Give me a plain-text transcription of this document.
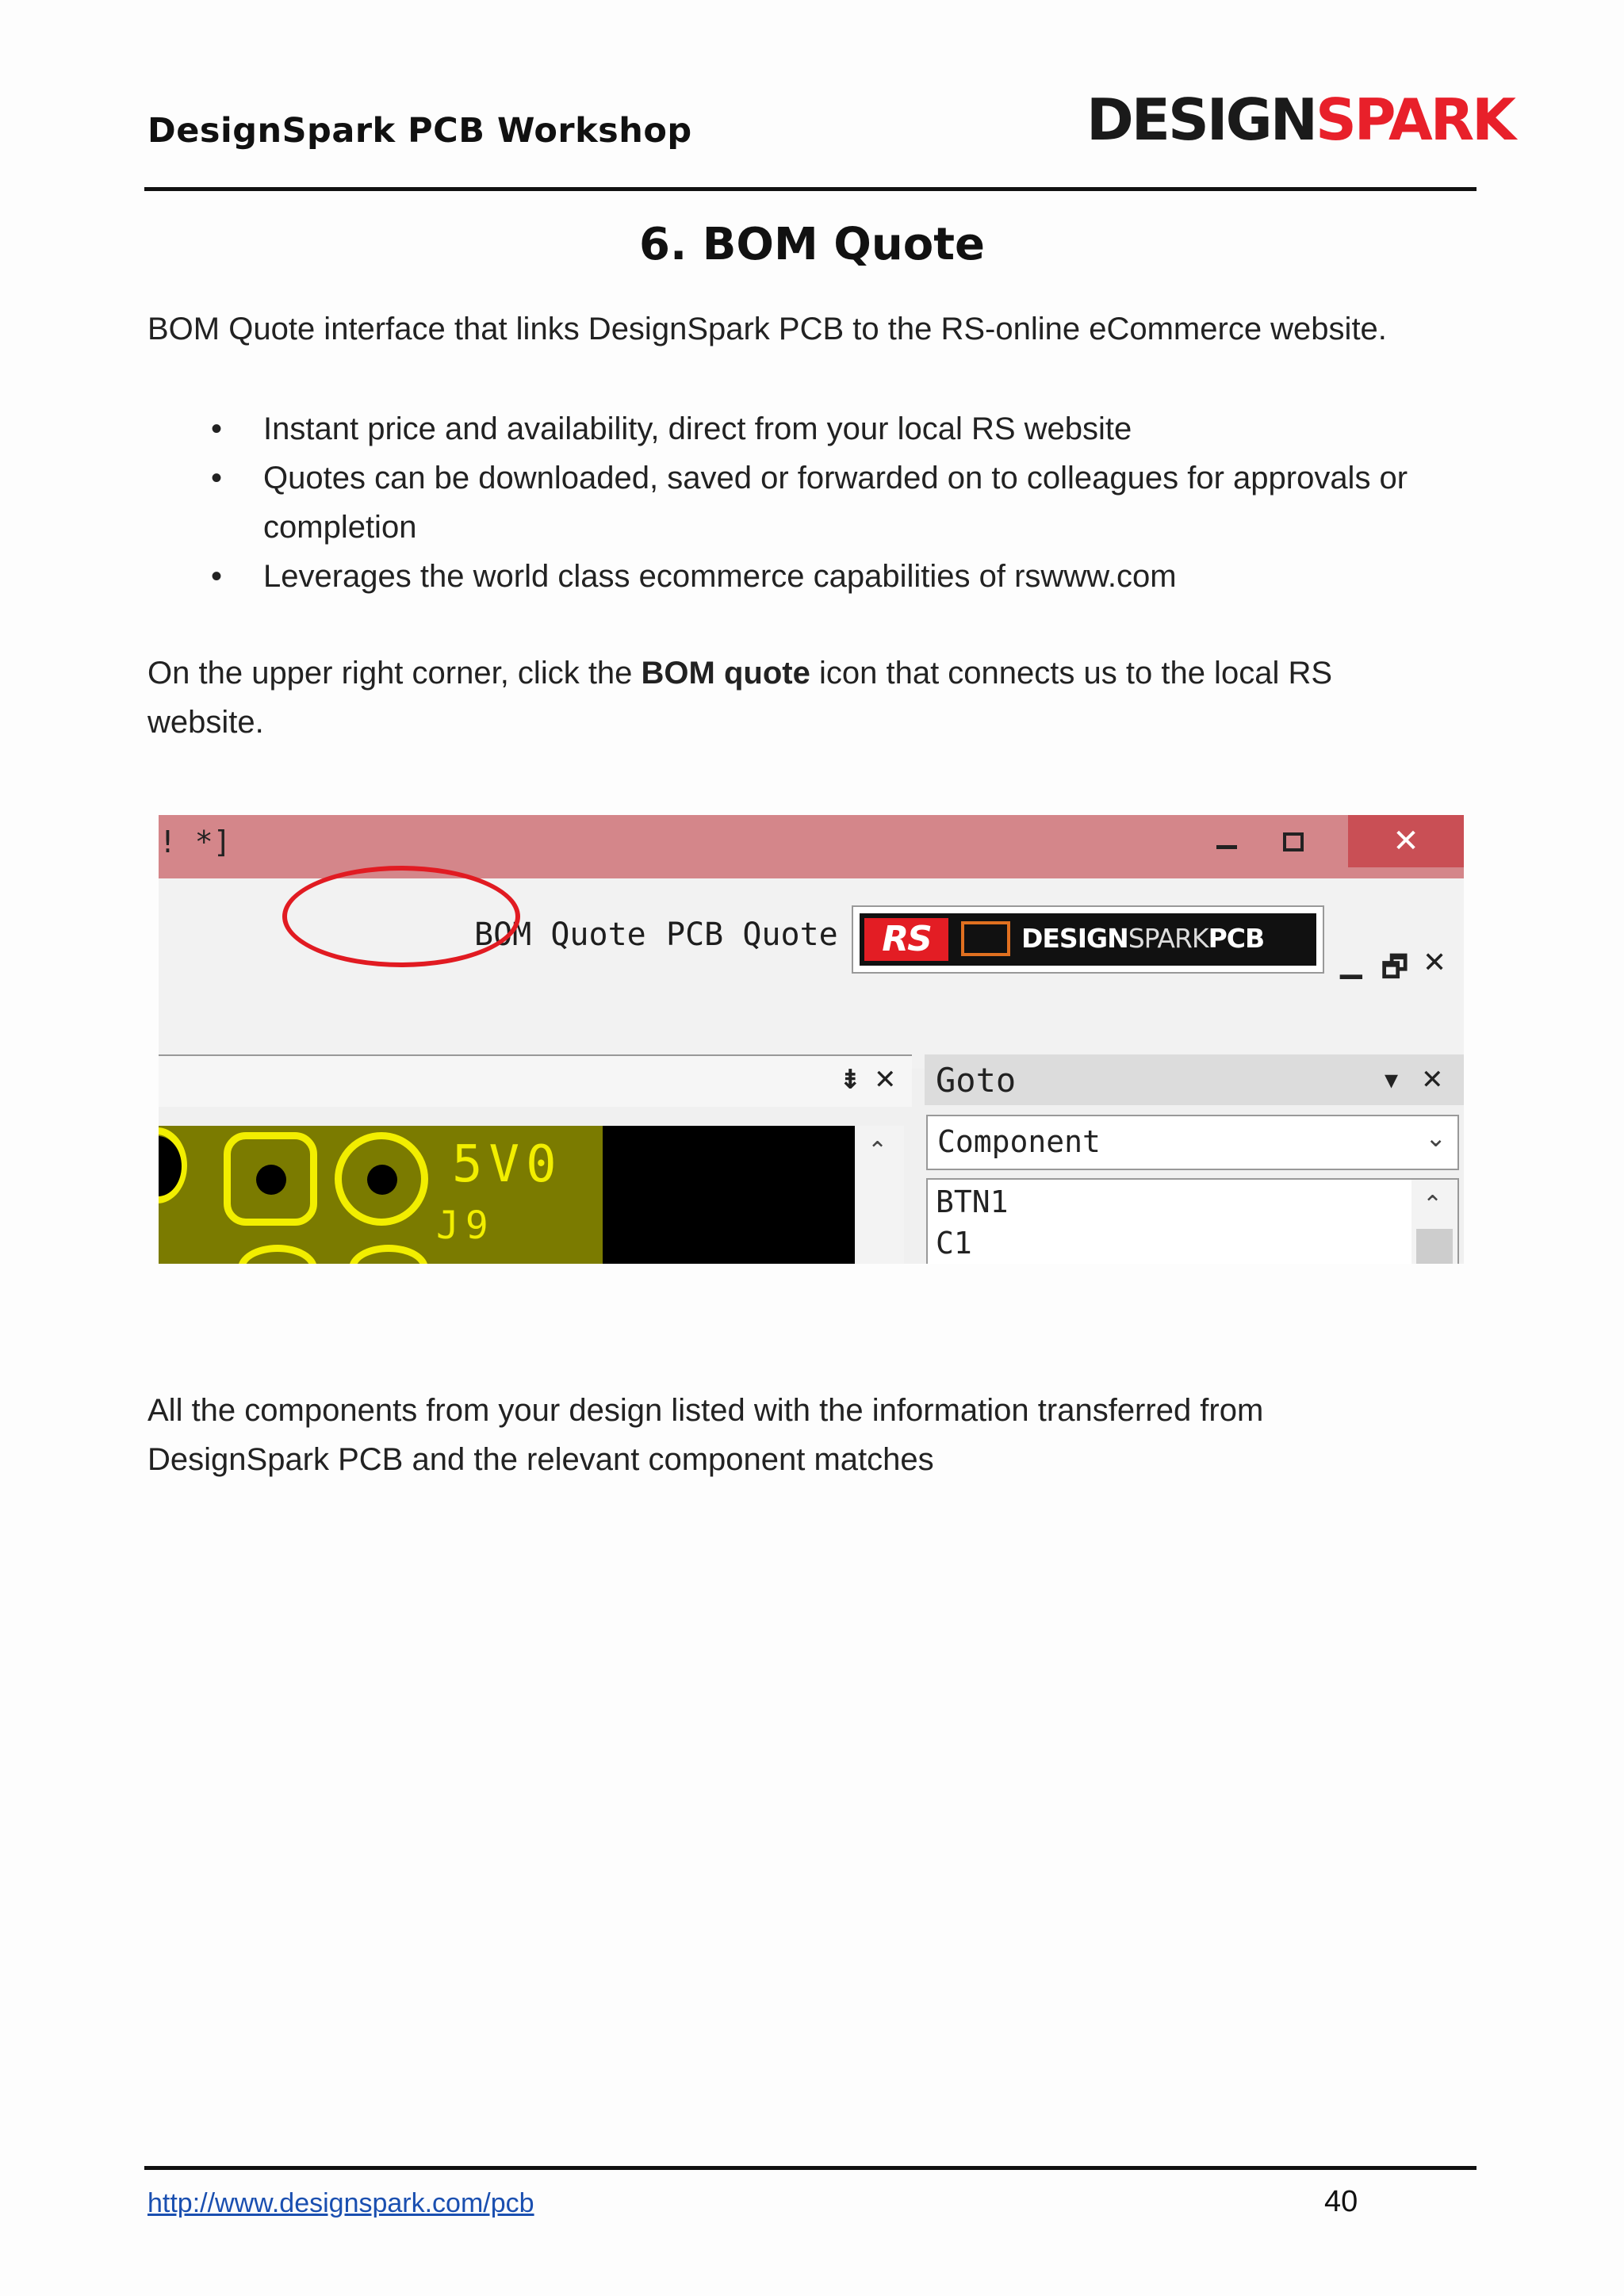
DesignSpark PCB Workshop	DESIGNSPARK
6. BOM Quote
BOM Quote interface that links DesignSpark PCB to the RS-online eCommerce website.
• Instant price and availability, direct from your local RS website
• Quotes can be downloaded, saved or forwarded on to colleagues for approvals or completion
• Leverages the world class ecommerce capabilities of rswww.com
On the upper right corner, click the BOM quote icon that connects us to the local RS website.
! *]	✕
BOM Quote PCB Quote	RS	DESIGNSPARKPCB
▁ 🗗 ✕
⇟ ✕
5V0
J9
⌃
Goto	▾ ✕
Component	⌄
BTN1
C1
⌃
All the components from your design listed with the information transferred from DesignSpark PCB and the relevant component matches
http://www.designspark.com/pcb	40
